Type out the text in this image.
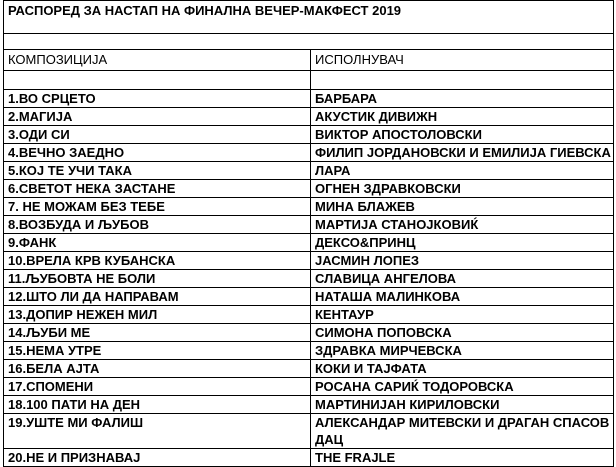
РАСПОРЕД ЗА НАСТАП НА ФИНАЛНА ВЕЧЕР-МАКФЕСТ 2019	

КОМПОЗИЦИЈА	ИСПОЛНУВАЧ

1.ВО СРЦЕТО	БАРБАРА
2.МАГИЈА	АКУСТИК ДИВИЖН
3.ОДИ СИ	ВИКТОР АПОСТОЛОВСКИ
4.ВЕЧНО ЗАЕДНО	ФИЛИП ЈОРДАНОВСКИ И ЕМИЛИЈА ГИЕВСКА
5.КОЈ ТЕ УЧИ ТАКА	ЛАРА
6.СВЕТОТ НЕКА ЗАСТАНЕ	ОГНЕН ЗДРАВКОВСКИ
7. НЕ МОЖАМ БЕЗ ТЕБЕ	МИНА БЛАЖЕВ
8.ВОЗБУДА И ЉУБОВ	МАРТИЈА СТАНОЈКОВИЌ
9.ФАНК	ДЕКСО&ПРИНЦ
10.ВРЕЛА КРВ КУБАНСКА	ЈАСМИН ЛОПЕЗ
11.ЉУБОВТА НЕ БОЛИ	СЛАВИЦА АНГЕЛОВА
12.ШТО ЛИ ДА НАПРАВАМ	НАТАША МАЛИНКОВА
13.ДОПИР НЕЖЕН МИЛ	КЕНТАУР
14.ЉУБИ МЕ	СИМОНА ПОПОВСКА
15.НЕМА УТРЕ	ЗДРАВКА МИРЧЕВСКА
16.БЕЛА АЈТА	КОКИ И ТАЈФАТА
17.СПОМЕНИ	РОСАНА САРИЌ ТОДОРОВСКА
18.100 ПАТИ НА ДЕН	МАРТИНИЈАН КИРИЛОВСКИ
19.УШТЕ МИ ФАЛИШ	АЛЕКСАНДАР МИТЕВСКИ И ДРАГАН СПАСОВ ДАЦ
20.НЕ И ПРИЗНАВАЈ	THE FRAJLE
